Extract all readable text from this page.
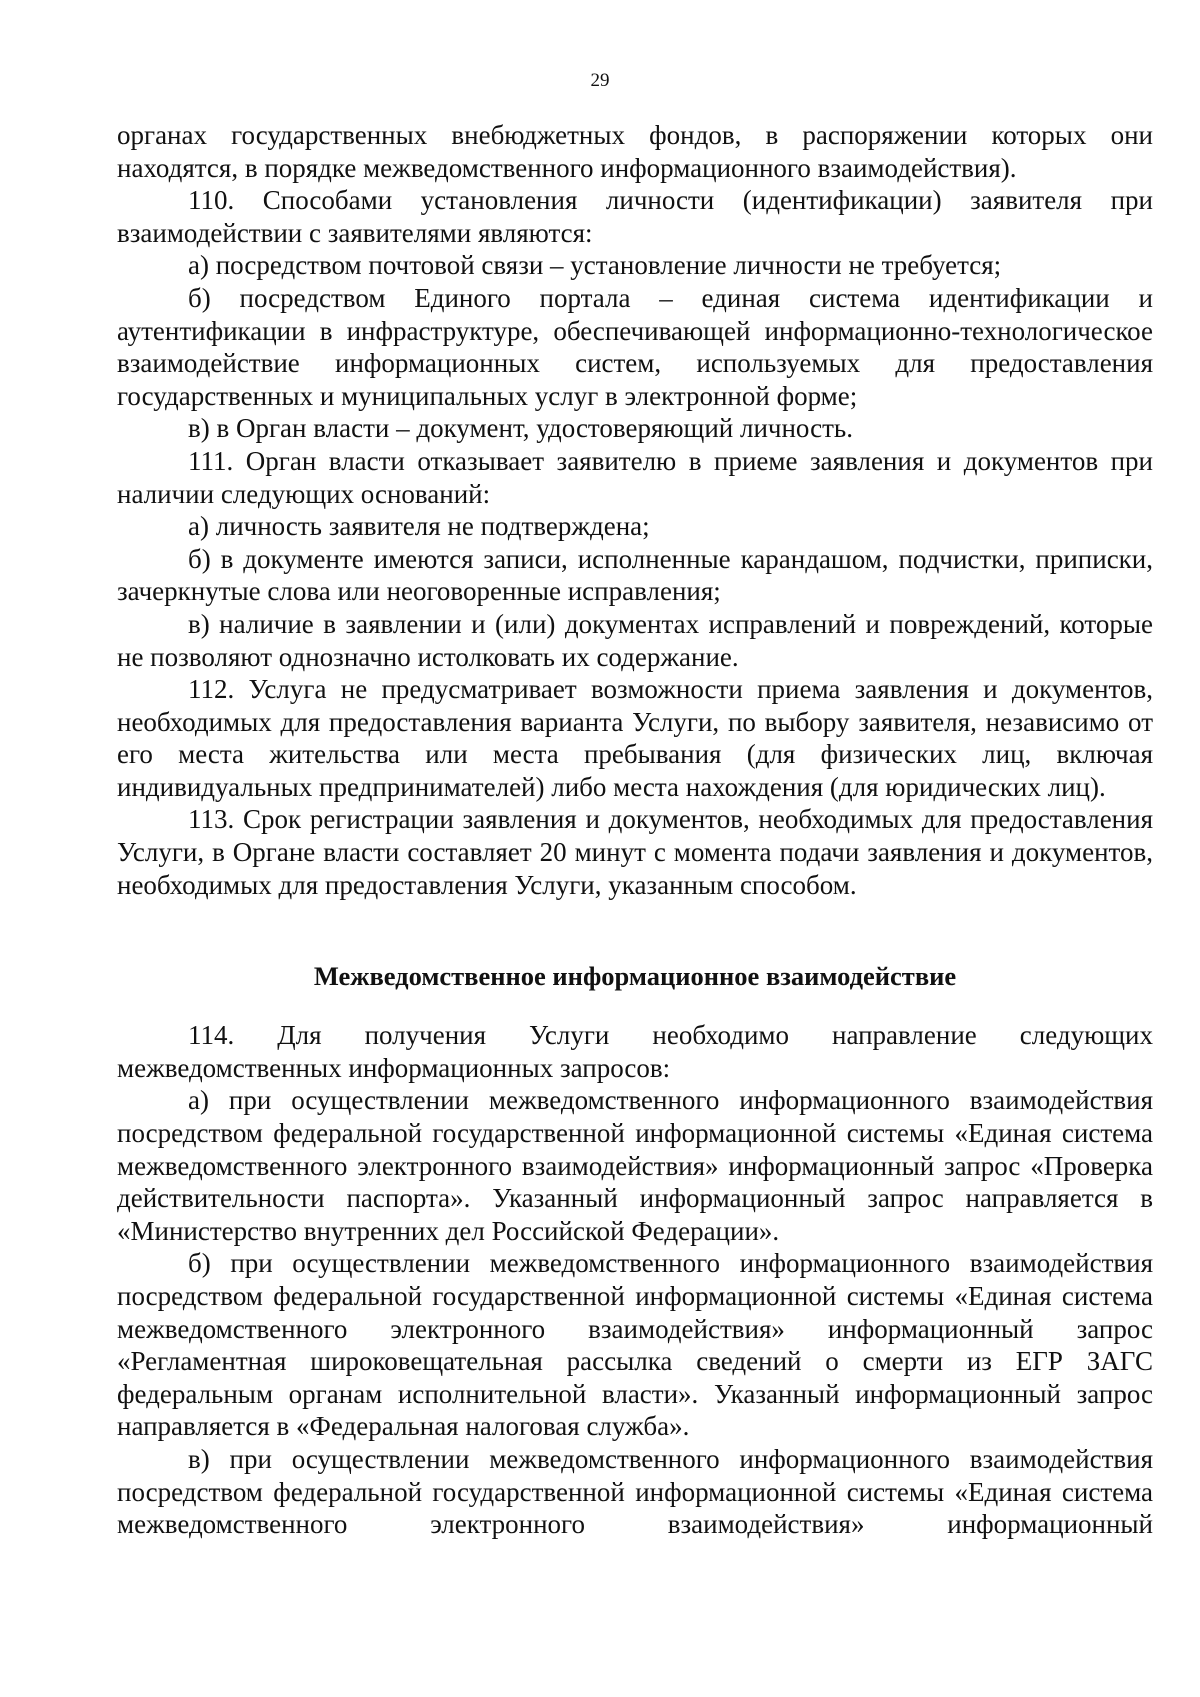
29

органах государственных внебюджетных фондов, в распоряжении которых они находятся, в порядке межведомственного информационного взаимодействия).

110. Способами установления личности (идентификации) заявителя при взаимодействии с заявителями являются:

а) посредством почтовой связи – установление личности не требуется;

б) посредством Единого портала – единая система идентификации и аутентификации в инфраструктуре, обеспечивающей информационно-технологическое взаимодействие информационных систем, используемых для предоставления государственных и муниципальных услуг в электронной форме;

в) в Орган власти – документ, удостоверяющий личность.

111. Орган власти отказывает заявителю в приеме заявления и документов при наличии следующих оснований:

а) личность заявителя не подтверждена;

б) в документе имеются записи, исполненные карандашом, подчистки, приписки, зачеркнутые слова или неоговоренные исправления;

в) наличие в заявлении и (или) документах исправлений и повреждений, которые не позволяют однозначно истолковать их содержание.

112. Услуга не предусматривает возможности приема заявления и документов, необходимых для предоставления варианта Услуги, по выбору заявителя, независимо от его места жительства или места пребывания (для физических лиц, включая индивидуальных предпринимателей) либо места нахождения (для юридических лиц).

113. Срок регистрации заявления и документов, необходимых для предоставления Услуги, в Органе власти составляет 20 минут с момента подачи заявления и документов, необходимых для предоставления Услуги, указанным способом.

Межведомственное информационное взаимодействие

114. Для получения Услуги необходимо направление следующих межведомственных информационных запросов:

а) при осуществлении межведомственного информационного взаимодействия посредством федеральной государственной информационной системы «Единая система межведомственного электронного взаимодействия» информационный запрос «Проверка действительности паспорта». Указанный информационный запрос направляется в «Министерство внутренних дел Российской Федерации».

б) при осуществлении межведомственного информационного взаимодействия посредством федеральной государственной информационной системы «Единая система межведомственного электронного взаимодействия» информационный запрос «Регламентная широковещательная рассылка сведений о смерти из ЕГР ЗАГС федеральным органам исполнительной власти». Указанный информационный запрос направляется в «Федеральная налоговая служба».

в) при осуществлении межведомственного информационного взаимодействия посредством федеральной государственной информационной системы «Единая система межведомственного электронного взаимодействия» информационный
